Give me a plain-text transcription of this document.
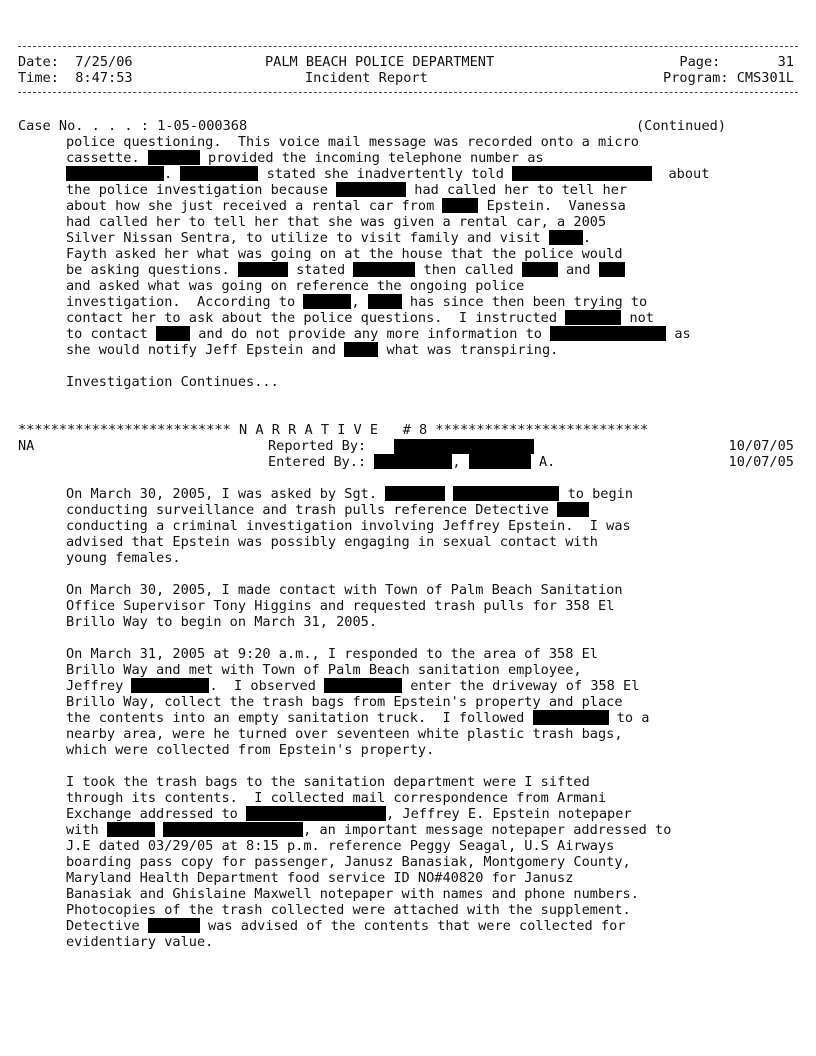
Date: 7/25/06
Time: 8:47:53
PALM BEACH POLICE DEPARTMENT
Incident Report
Page:	31
Program: CMS301L
Case No. . . . : 1-05-000368	(Continued)
police questioning.  This voice mail message was recorded onto a micro
cassette.	provided the incoming telephone number as
.	stated she inadvertently told	about
the police investigation because	had called her to tell her
about how she just received a rental car from	Epstein. Vanessa
had called her to tell her that she was given a rental car, a 2005
Silver Nissan Sentra, to utilize to visit family and visit	.
Fayth asked her what was going on at the house that the police would
be asking questions.	stated	then called	and
and asked what was going on reference the ongoing police
investigation.  According to	,	has since then been trying to
contact her to ask about the police questions.  I instructed	not
to contact	and do not provide any more information to	as
she would notify Jeff Epstein and	what was transpiring.
Investigation Continues...
************************** N A R R A T I V E   # 8 **************************
NA	Reported By:
Entered By.:	,	A.
10/07/05
10/07/05
On March 30, 2005, I was asked by Sgt.	to begin
conducting surveillance and trash pulls reference Detective
conducting a criminal investigation involving Jeffrey Epstein.  I was
advised that Epstein was possibly engaging in sexual contact with
young females.
On March 30, 2005, I made contact with Town of Palm Beach Sanitation
Office Supervisor Tony Higgins and requested trash pulls for 358 El
Brillo Way to begin on March 31, 2005.
On March 31, 2005 at 9:20 a.m., I responded to the area of 358 El
Brillo Way and met with Town of Palm Beach sanitation employee,
Jeffrey	.  I observed	enter the driveway of 358 El
Brillo Way, collect the trash bags from Epstein's property and place
the contents into an empty sanitation truck.  I followed	to a
nearby area, were he turned over seventeen white plastic trash bags,
which were collected from Epstein's property.
I took the trash bags to the sanitation department were I sifted
through its contents.  I collected mail correspondence from Armani
Exchange addressed to	, Jeffrey E. Epstein notepaper
with	, an important message notepaper addressed to
J.E dated 03/29/05 at 8:15 p.m. reference Peggy Seagal, U.S Airways
boarding pass copy for passenger, Janusz Banasiak, Montgomery County,
Maryland Health Department food service ID NO#40820 for Janusz
Banasiak and Ghislaine Maxwell notepaper with names and phone numbers.
Photocopies of the trash collected were attached with the supplement.
Detective	was advised of the contents that were collected for
evidentiary value.
